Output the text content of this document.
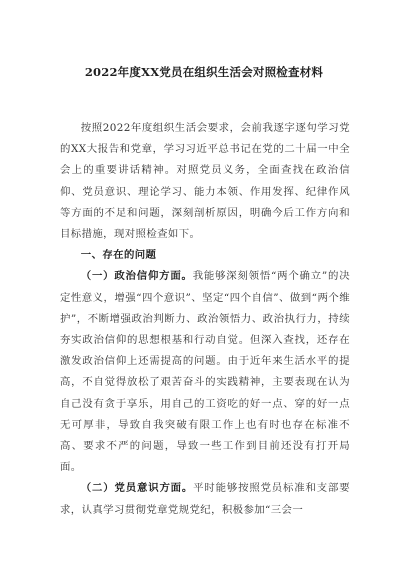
2022年度XX党员在组织生活会对照检查材料

按照2022年度组织生活会要求，会前我逐字逐句学习党的XX大报告和党章，学习习近平总书记在党的二十届一中全会上的重要讲话精神。对照党员义务，全面查找在政治信仰、党员意识、理论学习、能力本领、作用发挥、纪律作风等方面的不足和问题，深刻剖析原因，明确今后工作方向和目标措施，现对照检查如下。

一、存在的问题

（一）政治信仰方面。我能够深刻领悟“两个确立”的决定性意义，增强“四个意识”、坚定“四个自信”、做到“两个维护”，不断增强政治判断力、政治领悟力、政治执行力，持续夯实政治信仰的思想根基和行动自觉。但深入查找，还存在激发政治信仰上还需提高的问题。由于近年来生活水平的提高，不自觉得放松了艰苦奋斗的实践精神，主要表现在认为自己没有贪于享乐，用自己的工资吃的好一点、穿的好一点无可厚非，导致自我突破有限工作上也有时也存在标准不高、要求不严的问题，导致一些工作到目前还没有打开局面。

（二）党员意识方面。平时能够按照党员标准和支部要求，认真学习贯彻党章党规党纪，积极参加“三会一
